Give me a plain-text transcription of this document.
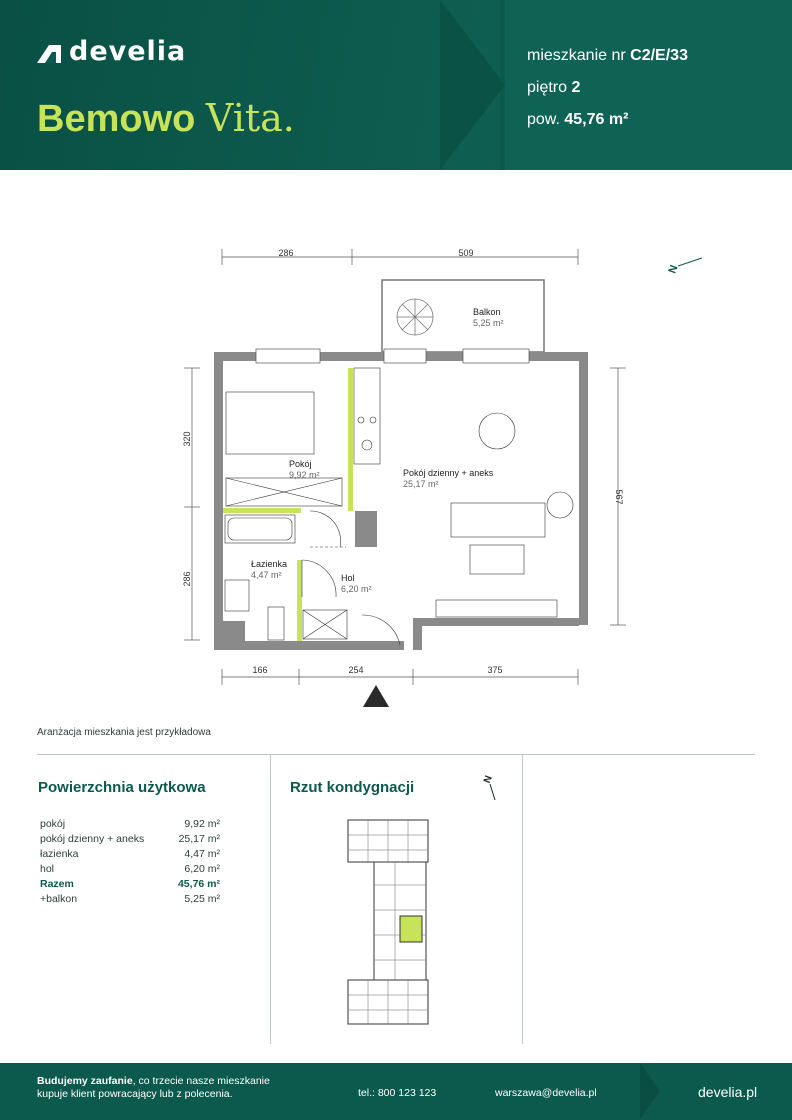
develia
Bemowo Vita.
mieszkanie nr C2/E/33
piętro 2
pow. 45,76 m²
286	509
320
286
567
166	254	375
N
Balkon
5,25 m²
Pokój
9,92 m²	Pokój dzienny + aneks
25,17 m²
Łazienka
4,47 m²	Hol
6,20 m²
Aranżacja mieszkania jest przykładowa
Powierzchnia użytkowa
pokój	9,92 m²
pokój dzienny + aneks	25,17 m²
łazienka	4,47 m²
hol	6,20 m²
Razem	45,76 m²
+balkon	5,25 m²
Rzut kondygnacji	N
Budujemy zaufanie, co trzecie nasze mieszkanie
kupuje klient powracający lub z polecenia.	tel.: 800 123 123	warszawa@develia.pl	develia.pl
